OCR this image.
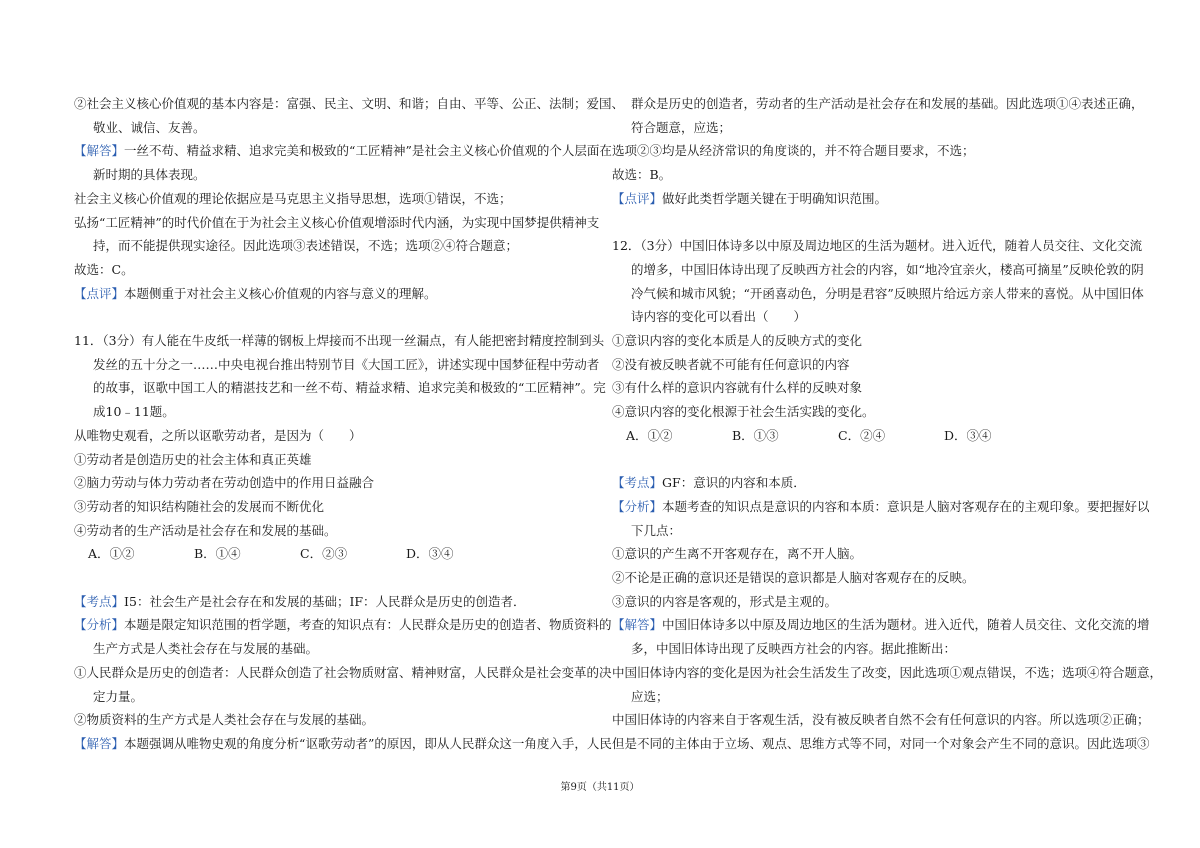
②社会主义核心价值观的基本内容是：富强、民主、文明、和谐；自由、平等、公正、法制；爱国、

敬业、诚信、友善。

【 解答 】 一丝不苟、精益求精、追求完美和极致的“工匠精神”是社会主义核心价值观的个人层面在

新时期的具体表现。

社会主义核心价值观的理论依据应是马克思主义指导思想，选项①错误，不选；

弘扬“工匠精神”的时代价值在于为社会主义核心价值观增添时代内涵，为实现中国梦提供精神支

持，而不能提供现实途径。因此选项③表述错误，不选；选项②④符合题意；

故选：C。

【 点评 】 本题侧重于对社会主义核心价值观的内容与意义的理解。

11．（3分）有人能在牛皮纸一样薄的钢板上焊接而不出现一丝漏点，有人能把密封精度控制到头

发丝的五十分之一……中央电视台推出特别节目《大国工匠》，讲述实现中国梦征程中劳动者

的故事，讴歌中国工人的精湛技艺和一丝不苟、精益求精、追求完美和极致的“工匠精神”。完

成10﹣11题。

从唯物史观看，之所以讴歌劳动者，是因为（　　）

①劳动者是创造历史的社会主体和真正英雄

②脑力劳动与体力劳动者在劳动创造中的作用日益融合

③劳动者的知识结构随社会的发展而不断优化

④劳动者的生产活动是社会存在和发展的基础。

A．①②	B．①④	C．②③	D．③④

【 考点 】 I5：社会生产是社会存在和发展的基础；IF：人民群众是历史的创造者．

【 分析 】 本题是限定知识范围的哲学题，考查的知识点有：人民群众是历史的创造者、物质资料的

生产方式是人类社会存在与发展的基础。

①人民群众是历史的创造者：人民群众创造了社会物质财富、精神财富，人民群众是社会变革的决

定力量。

②物质资料的生产方式是人类社会存在与发展的基础。

【 解答 】 本题强调从唯物史观的角度分析“讴歌劳动者”的原因，即从人民群众这一角度入手，人民

群众是历史的创造者，劳动者的生产活动是社会存在和发展的基础。因此选项①④表述正确，

符合题意，应选；

选项②③均是从经济常识的角度谈的，并不符合题目要求，不选；

故选：B。

【 点评 】 做好此类哲学题关键在于明确知识范围。

12．（3分）中国旧体诗多以中原及周边地区的生活为题材。进入近代，随着人员交往、文化交流

的增多，中国旧体诗出现了反映西方社会的内容，如“地冷宜亲火，楼高可摘星”反映伦敦的阴

冷气候和城市风貌；“开函喜动色，分明是君容”反映照片给远方亲人带来的喜悦。从中国旧体

诗内容的变化可以看出（　　）

①意识内容的变化本质是人的反映方式的变化

②没有被反映者就不可能有任何意识的内容

③有什么样的意识内容就有什么样的反映对象

④意识内容的变化根源于社会生活实践的变化。

A．①②	B．①③	C．②④	D．③④

【 考点 】 GF：意识的内容和本质．

【 分析 】 本题考查的知识点是意识的内容和本质：意识是人脑对客观存在的主观印象。要把握好以

下几点：

①意识的产生离不开客观存在，离不开人脑。

②不论是正确的意识还是错误的意识都是人脑对客观存在的反映。

③意识的内容是客观的，形式是主观的。

【 解答 】 中国旧体诗多以中原及周边地区的生活为题材。进入近代，随着人员交往、文化交流的增

多，中国旧体诗出现了反映西方社会的内容。据此推断出：

中国旧体诗内容的变化是因为社会生活发生了改变，因此选项①观点错误，不选；选项④符合题意，

应选；

中国旧体诗的内容来自于客观生活，没有被反映者自然不会有任何意识的内容。所以选项②正确；

但是不同的主体由于立场、观点、思维方式等不同，对同一个对象会产生不同的意识。因此选项③

第9页（共11页）
